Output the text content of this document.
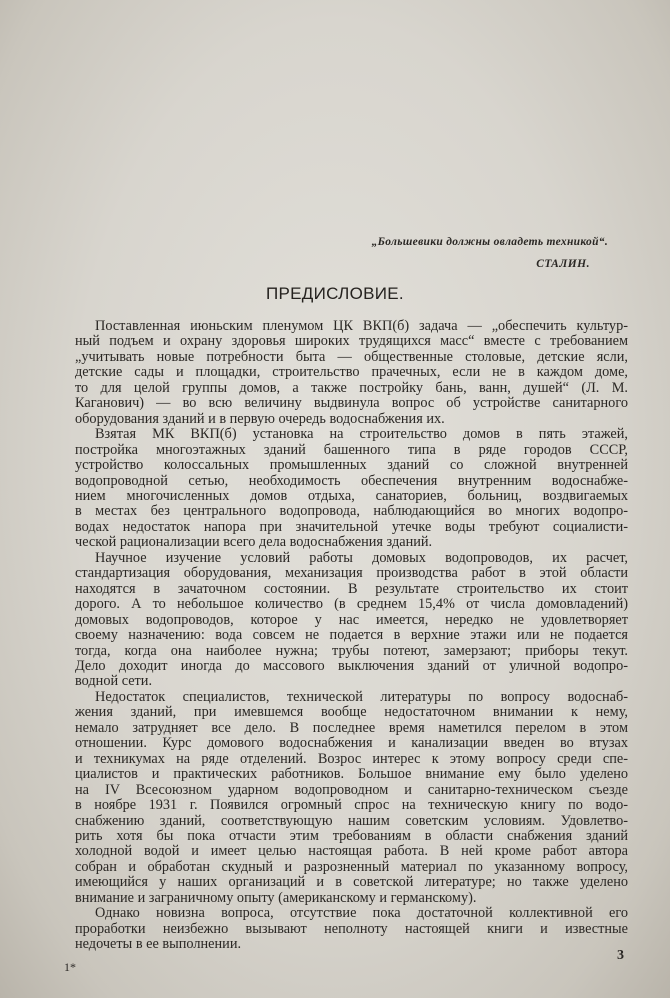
„Большевики должны овладеть техникой“.
СТАЛИН.
ПРЕДИСЛОВИЕ.
Поставленная июньским пленумом ЦК ВКП(б) задача — „обеспечить культур-
ный подъем и охрану здоровья широких трудящихся масс“ вместе с требованием
„учитывать новые потребности быта — общественные столовые, детские ясли,
детские сады и площадки, строительство прачечных, если не в каждом доме,
то для целой группы домов, а также постройку бань, ванн, душей“ (Л. М.
Каганович) — во всю величину выдвинула вопрос об устройстве санитарного
оборудования зданий и в первую очередь водоснабжения их.
Взятая МК ВКП(б) установка на строительство домов в пять этажей,
постройка многоэтажных зданий башенного типа в ряде городов СССР,
устройство колоссальных промышленных зданий со сложной внутренней
водопроводной сетью, необходимость обеспечения внутренним водоснабже-
нием многочисленных домов отдыха, санаториев, больниц, воздвигаемых
в местах без центрального водопровода, наблюдающийся во многих водопро-
водах недостаток напора при значительной утечке воды требуют социалисти-
ческой рационализации всего дела водоснабжения зданий.
Научное изучение условий работы домовых водопроводов, их расчет,
стандартизация оборудования, механизация производства работ в этой области
находятся в зачаточном состоянии. В результате строительство их стоит
дорого. А то небольшое количество (в среднем 15,4% от числа домовладений)
домовых водопроводов, которое у нас имеется, нередко не удовлетворяет
своему назначению: вода совсем не подается в верхние этажи или не подается
тогда, когда она наиболее нужна; трубы потеют, замерзают; приборы текут.
Дело доходит иногда до массового выключения зданий от уличной водопро-
водной сети.
Недостаток специалистов, технической литературы по вопросу водоснаб-
жения зданий, при имевшемся вообще недостаточном внимании к нему,
немало затрудняет все дело. В последнее время наметился перелом в этом
отношении. Курс домового водоснабжения и канализации введен во втузах
и техникумах на ряде отделений. Возрос интерес к этому вопросу среди спе-
циалистов и практических работников. Большое внимание ему было уделено
на IV Всесоюзном ударном водопроводном и санитарно-техническом съезде
в ноябре 1931 г. Появился огромный спрос на техническую книгу по водо-
снабжению зданий, соответствующую нашим советским условиям. Удовлетво-
рить хотя бы пока отчасти этим требованиям в области снабжения зданий
холодной водой и имеет целью настоящая работа. В ней кроме работ автора
собран и обработан скудный и разрозненный материал по указанному вопросу,
имеющийся у наших организаций и в советской литературе; но также уделено
внимание и заграничному опыту (американскому и германскому).
Однако новизна вопроса, отсутствие пока достаточной коллективной его
проработки неизбежно вызывают неполноту настоящей книги и известные
недочеты в ее выполнении.
1*
3
